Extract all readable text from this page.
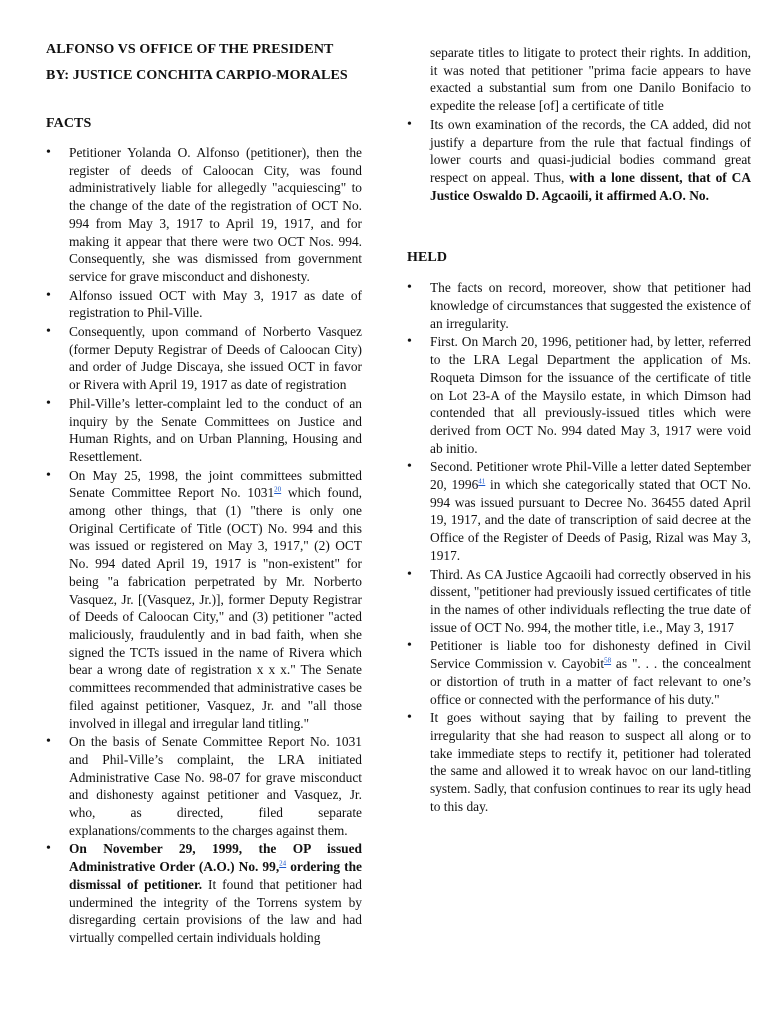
ALFONSO VS OFFICE OF THE PRESIDENT
BY: JUSTICE CONCHITA CARPIO-MORALES
FACTS
• Petitioner Yolanda O. Alfonso (petitioner), then the register of deeds of Caloocan City, was found administratively liable for allegedly "acquiescing" to the change of the date of the registration of OCT No. 994 from May 3, 1917 to April 19, 1917, and for making it appear that there were two OCT Nos. 994. Consequently, she was dismissed from government service for grave misconduct and dishonesty.
• Alfonso issued OCT with May 3, 1917 as date of registration to Phil-Ville.
• Consequently, upon command of Norberto Vasquez (former Deputy Registrar of Deeds of Caloocan City) and order of Judge Discaya, she issued OCT in favor or Rivera with April 19, 1917 as date of registration
• Phil-Ville’s letter-complaint led to the conduct of an inquiry by the Senate Committees on Justice and Human Rights, and on Urban Planning, Housing and Resettlement.
• On May 25, 1998, the joint committees submitted Senate Committee Report No. 1031$^{20}$ which found, among other things, that (1) "there is only one Original Certificate of Title (OCT) No. 994 and this was issued or registered on May 3, 1917," (2) OCT No. 994 dated April 19, 1917 is "non-existent" for being "a fabrication perpetrated by Mr. Norberto Vasquez, Jr. [(Vasquez, Jr.)], former Deputy Registrar of Deeds of Caloocan City," and (3) petitioner "acted maliciously, fraudulently and in bad faith, when she signed the TCTs issued in the name of Rivera which bear a wrong date of registration x x x." The Senate committees recommended that administrative cases be filed against petitioner, Vasquez, Jr. and "all those involved in illegal and irregular land titling."
• On the basis of Senate Committee Report No. 1031 and Phil-Ville’s complaint, the LRA initiated Administrative Case No. 98-07 for grave misconduct and dishonesty against petitioner and Vasquez, Jr. who, as directed, filed separate explanations/comments to the charges against them.
• On November 29, 1999, the OP issued Administrative Order (A.O.) No. 99,24 ordering the dismissal of petitioner. It found that petitioner had undermined the integrity of the Torrens system by disregarding certain provisions of the law and had virtually compelled certain individuals holding
separate titles to litigate to protect their rights. In addition, it was noted that petitioner "prima facie appears to have exacted a substantial sum from one Danilo Bonifacio to expedite the release [of] a certificate of title
• Its own examination of the records, the CA added, did not justify a departure from the rule that factual findings of lower courts and quasi-judicial bodies command great respect on appeal. Thus, with a lone dissent, that of CA Justice Oswaldo D. Agcaoili, it affirmed A.O. No.
HELD
• The facts on record, moreover, show that petitioner had knowledge of circumstances that suggested the existence of an irregularity.
• First. On March 20, 1996, petitioner had, by letter, referred to the LRA Legal Department the application of Ms. Roqueta Dimson for the issuance of the certificate of title on Lot 23-A of the Maysilo estate, in which Dimson had contended that all previously-issued titles which were derived from OCT No. 994 dated May 3, 1917 were void ab initio.
• Second. Petitioner wrote Phil-Ville a letter dated September 20, 1996$^{41}$ in which she categorically stated that OCT No. 994 was issued pursuant to Decree No. 36455 dated April 19, 1917, and the date of transcription of said decree at the Office of the Register of Deeds of Pasig, Rizal was May 3, 1917.
• Third. As CA Justice Agcaoili had correctly observed in his dissent, "petitioner had previously issued certificates of title in the names of other individuals reflecting the true date of issue of OCT No. 994, the mother title, i.e., May 3, 1917
• Petitioner is liable too for dishonesty defined in Civil Service Commission v. Cayobit$^{58}$ as ". . . the concealment or distortion of truth in a matter of fact relevant to one’s office or connected with the performance of his duty."
• It goes without saying that by failing to prevent the irregularity that she had reason to suspect all along or to take immediate steps to rectify it, petitioner had tolerated the same and allowed it to wreak havoc on our land-titling system. Sadly, that confusion continues to rear its ugly head to this day.
